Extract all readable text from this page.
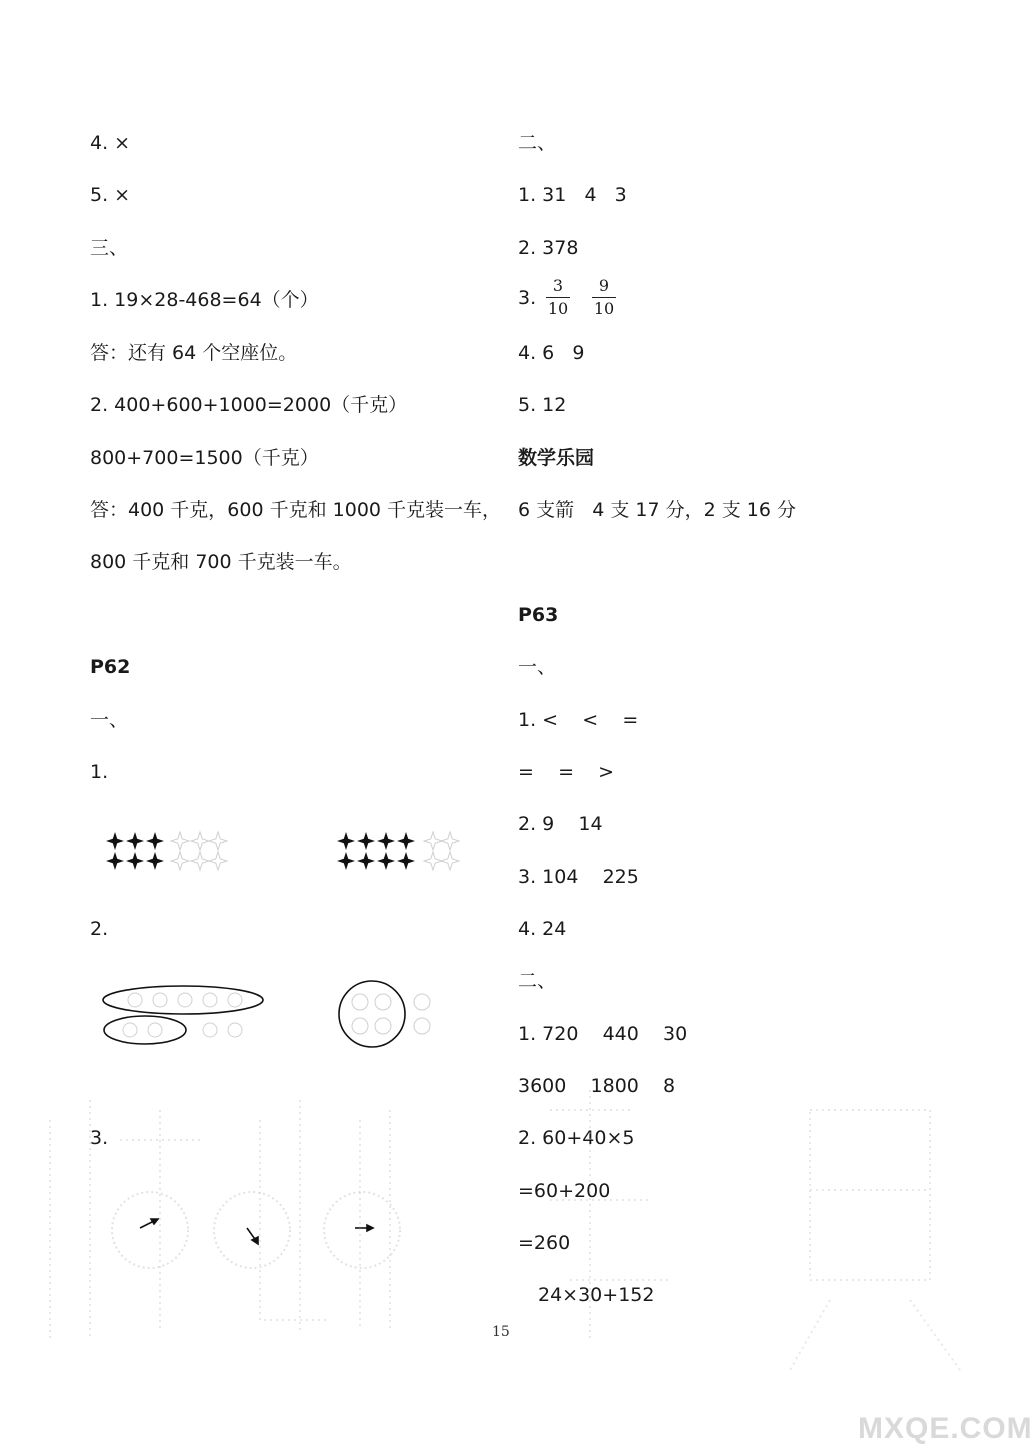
4. ×
5. ×
三、
1. 19×28-468=64（个）
答：还有 64 个空座位。
2. 400+600+1000=2000（千克）
800+700=1500（千克）
答：400 千克，600 千克和 1000 千克装一车，
800 千克和 700 千克装一车。
P62
一、
1.
2.
3.
二、
1. 31   4   3
2. 378
3.
3
10
9
10
4. 6   9
5. 12
数学乐园
6 支箭   4 支 17 分，2 支 16 分
P63
一、
1. <    <    =
=    =    >
2. 9    14
3. 104    225
4. 24
二、
1. 720    440    30
3600    1800    8
2. 60+40×5
=60+200
=260
24×30+152
15
MXQE.COM
